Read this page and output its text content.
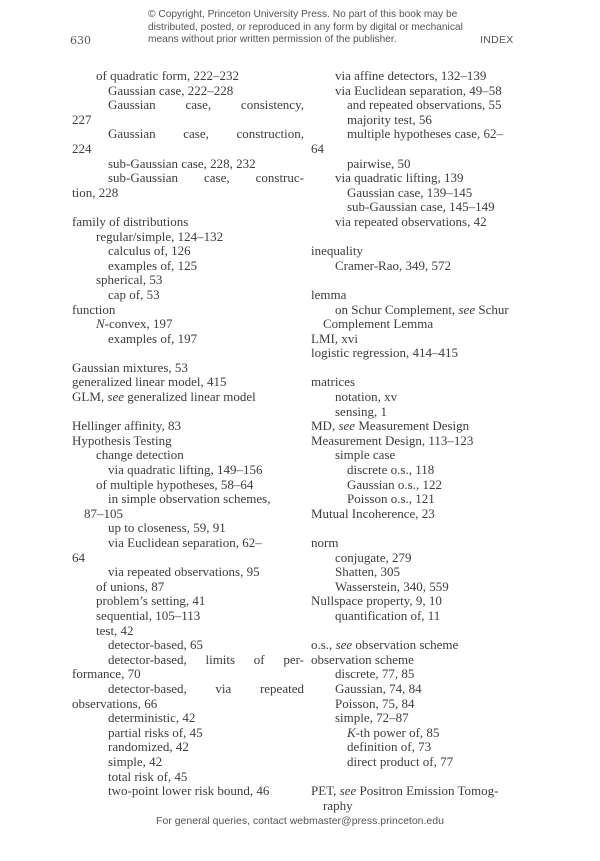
© Copyright, Princeton University Press. No part of this book may be
distributed, posted, or reproduced in any form by digital or mechanical
means without prior written permission of the publisher.
630	INDEX
of quadratic form, 222–232
Gaussian case, 222–228
Gaussian case, consistency,
227
Gaussian case, construction,
224
sub-Gaussian case, 228, 232
sub-Gaussian case, construc-
tion, 228
family of distributions
regular/simple, 124–132
calculus of, 126
examples of, 125
spherical, 53
cap of, 53
function
N-convex, 197
examples of, 197
Gaussian mixtures, 53
generalized linear model, 415
GLM, see generalized linear model
Hellinger affinity, 83
Hypothesis Testing
change detection
via quadratic lifting, 149–156
of multiple hypotheses, 58–64
in simple observation schemes,
87–105
up to closeness, 59, 91
via Euclidean separation, 62–
64
via repeated observations, 95
of unions, 87
problem’s setting, 41
sequential, 105–113
test, 42
detector-based, 65
detector-based, limits of per-
formance, 70
detector-based, via repeated
observations, 66
deterministic, 42
partial risks of, 45
randomized, 42
simple, 42
total risk of, 45
two-point lower risk bound, 46
via affine detectors, 132–139
via Euclidean separation, 49–58
and repeated observations, 55
majority test, 56
multiple hypotheses case, 62–
64
pairwise, 50
via quadratic lifting, 139
Gaussian case, 139–145
sub-Gaussian case, 145–149
via repeated observations, 42
inequality
Cramer-Rao, 349, 572
lemma
on Schur Complement, see Schur
Complement Lemma
LMI, xvi
logistic regression, 414–415
matrices
notation, xv
sensing, 1
MD, see Measurement Design
Measurement Design, 113–123
simple case
discrete o.s., 118
Gaussian o.s., 122
Poisson o.s., 121
Mutual Incoherence, 23
norm
conjugate, 279
Shatten, 305
Wasserstein, 340, 559
Nullspace property, 9, 10
quantification of, 11
o.s., see observation scheme
observation scheme
discrete, 77, 85
Gaussian, 74, 84
Poisson, 75, 84
simple, 72–87
K-th power of, 85
definition of, 73
direct product of, 77
PET, see Positron Emission Tomog-
raphy
For general queries, contact webmaster@press.princeton.edu
